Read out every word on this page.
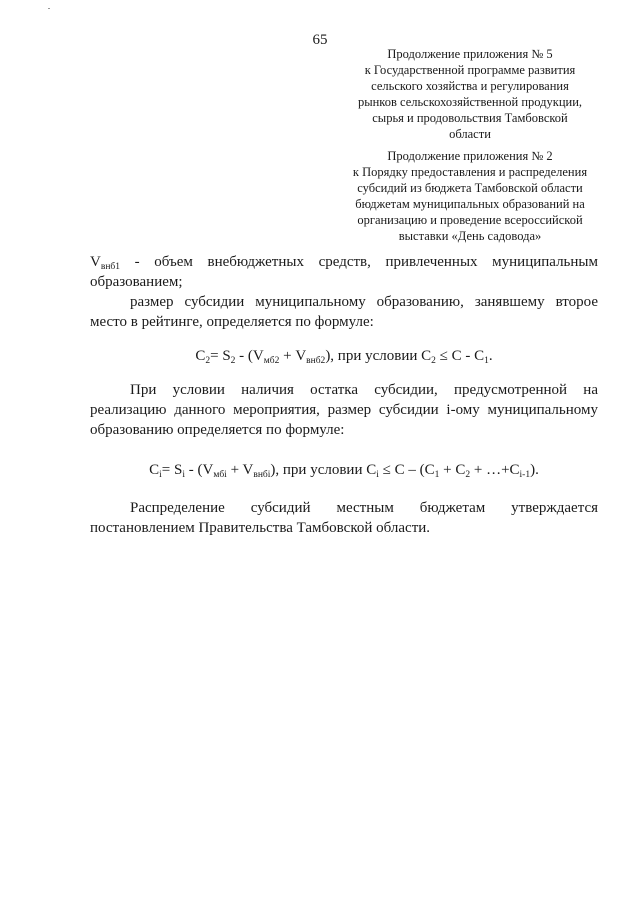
65
Продолжение приложения № 5
к Государственной программе развития
сельского хозяйства и регулирования
рынков сельскохозяйственной продукции,
сырья и продовольствия Тамбовской
области
Продолжение приложения № 2
к Порядку предоставления и распределения
субсидий из бюджета Тамбовской области
бюджетам муниципальных образований на
организацию и проведение всероссийской
выставки «День садовода»

$V_{внб1}$ - объем внебюджетных средств, привлеченных муниципальным образованием;

размер субсидии муниципальному образованию, занявшему второе место в рейтинге, определяется по формуле:

$C_2= S_2 - (V_{мб2} + V_{внб2})$, при условии $C_2 \le C - C_1$.

При условии наличия остатка субсидии, предусмотренной на реализацию данного мероприятия, размер субсидии i-ому муниципальному образованию определяется по формуле:

$C_i= S_i - (V_{мбi} + V_{внбi})$, при условии $C_i \le C - (C_1 + C_2$ + $\dots+C_{i-1}$).

Распределение субсидий местным бюджетам утверждается постановлением Правительства Тамбовской области.
